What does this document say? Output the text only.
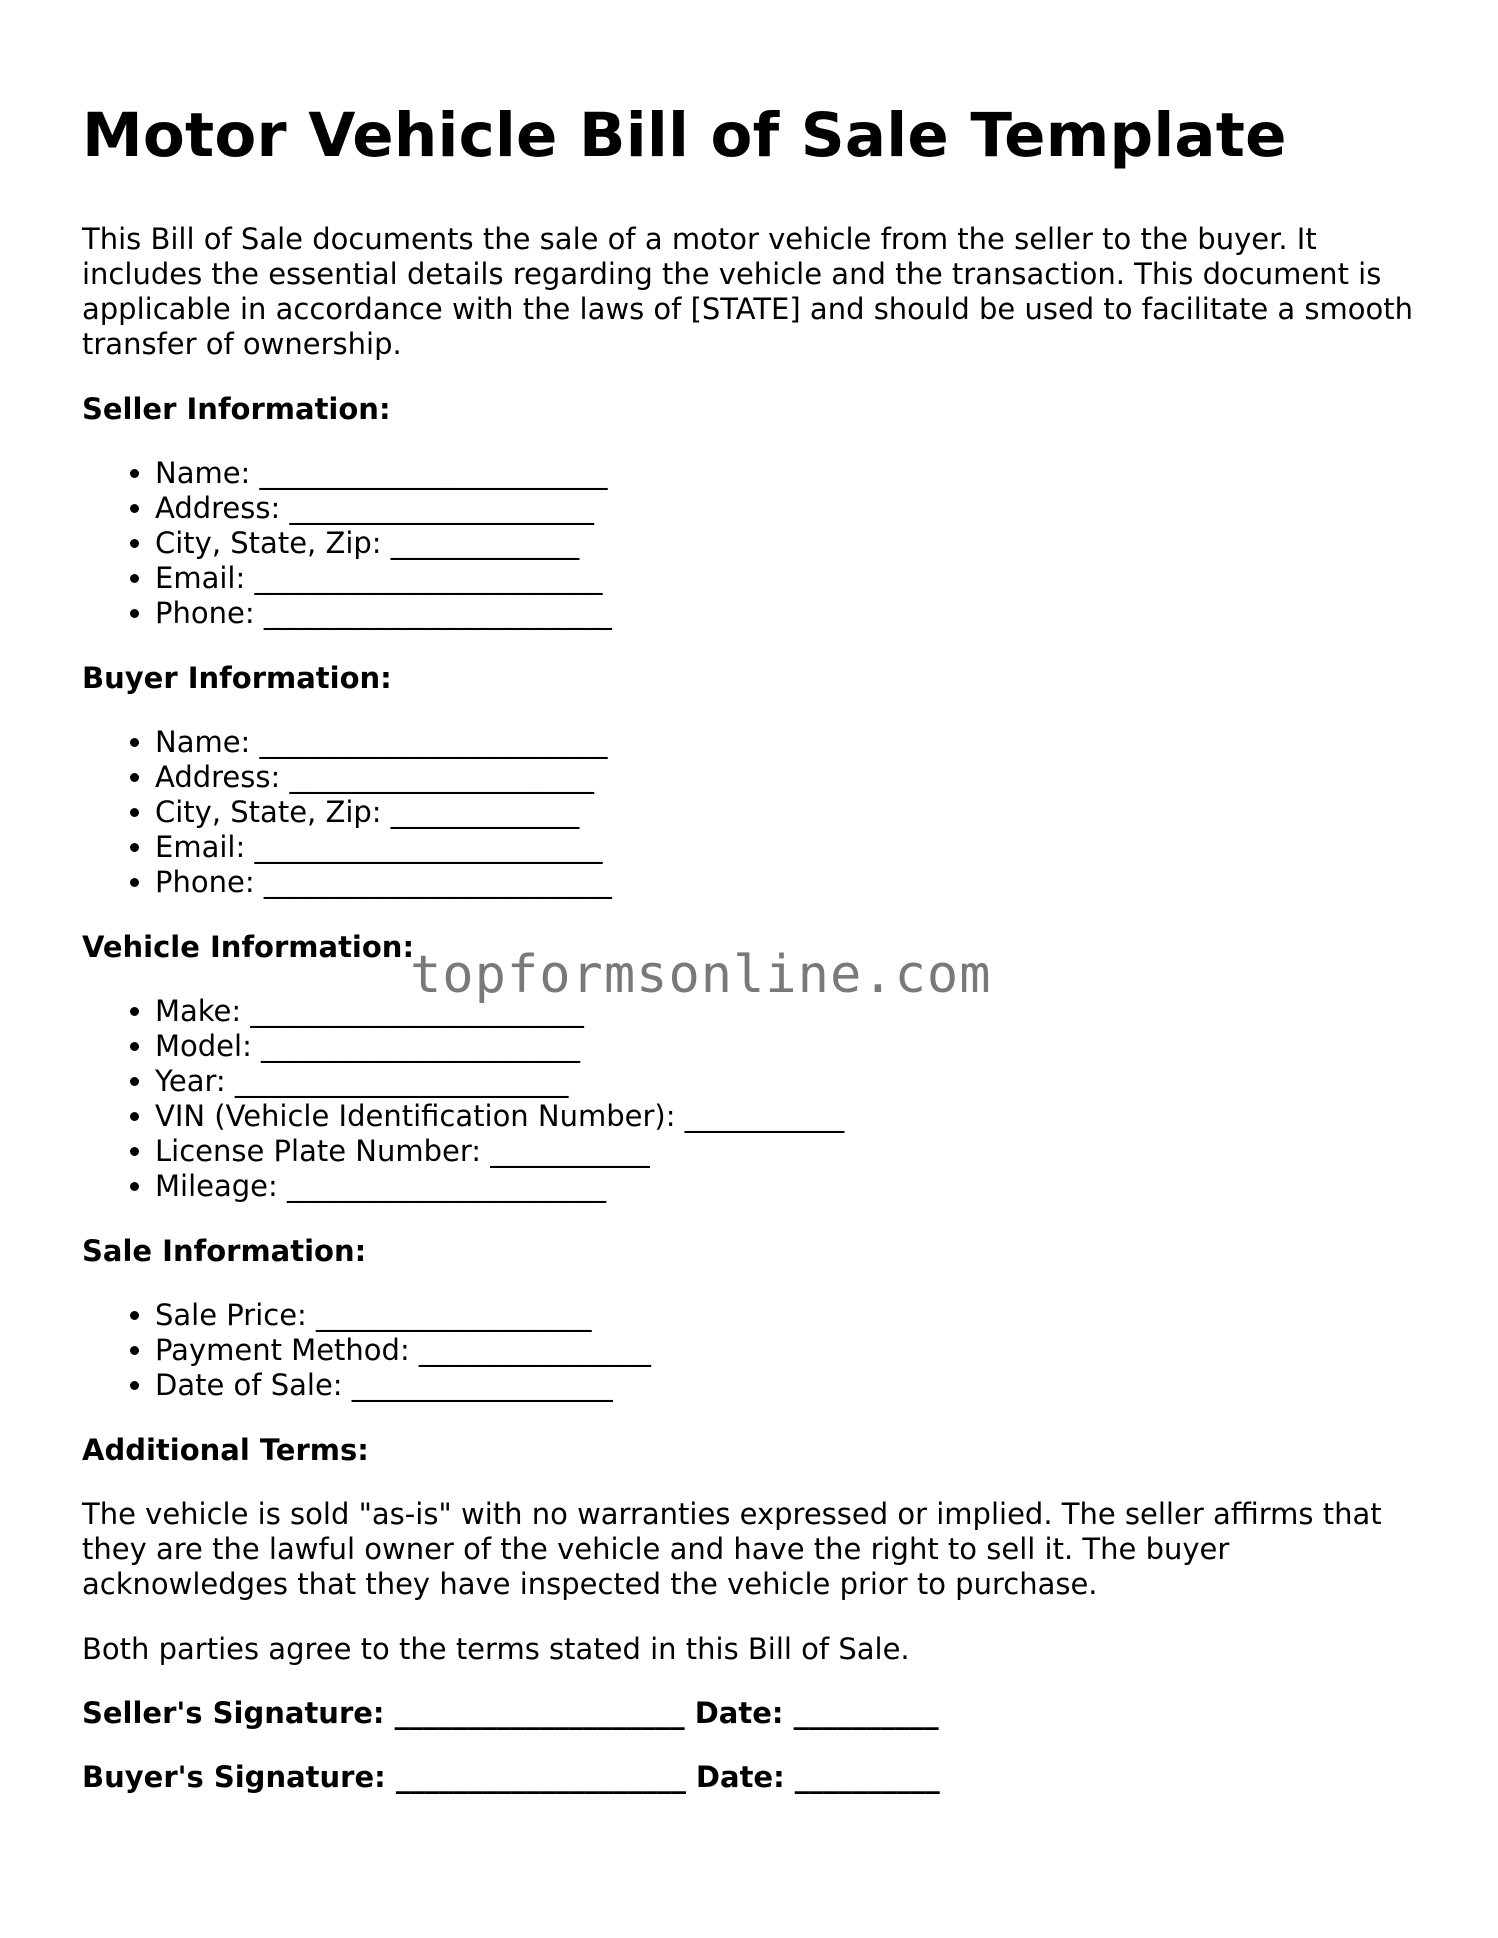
Motor Vehicle Bill of Sale Template

This Bill of Sale documents the sale of a motor vehicle from the seller to the buyer. It includes the essential details regarding the vehicle and the transaction. This document is applicable in accordance with the laws of [STATE] and should be used to facilitate a smooth transfer of ownership.

Seller Information:
• Name: ________________________
• Address: _____________________
• City, State, Zip: _____________
• Email: ________________________
• Phone: ________________________
Buyer Information:
• Name: ________________________
• Address: _____________________
• City, State, Zip: _____________
• Email: ________________________
• Phone: ________________________
Vehicle Information:
• Make: _______________________
• Model: ______________________
• Year: _______________________
• VIN (Vehicle Identification Number): ___________
• License Plate Number: ___________
• Mileage: ______________________
Sale Information:
• Sale Price: ___________________
• Payment Method: ________________
• Date of Sale: __________________
Additional Terms:

The vehicle is sold "as-is" with no warranties expressed or implied. The seller affirms that they are the lawful owner of the vehicle and have the right to sell it. The buyer acknowledges that they have inspected the vehicle prior to purchase.

Both parties agree to the terms stated in this Bill of Sale.

Seller's Signature: ____________________ Date: __________
Buyer's Signature: ____________________ Date: __________
topformsonline.com
